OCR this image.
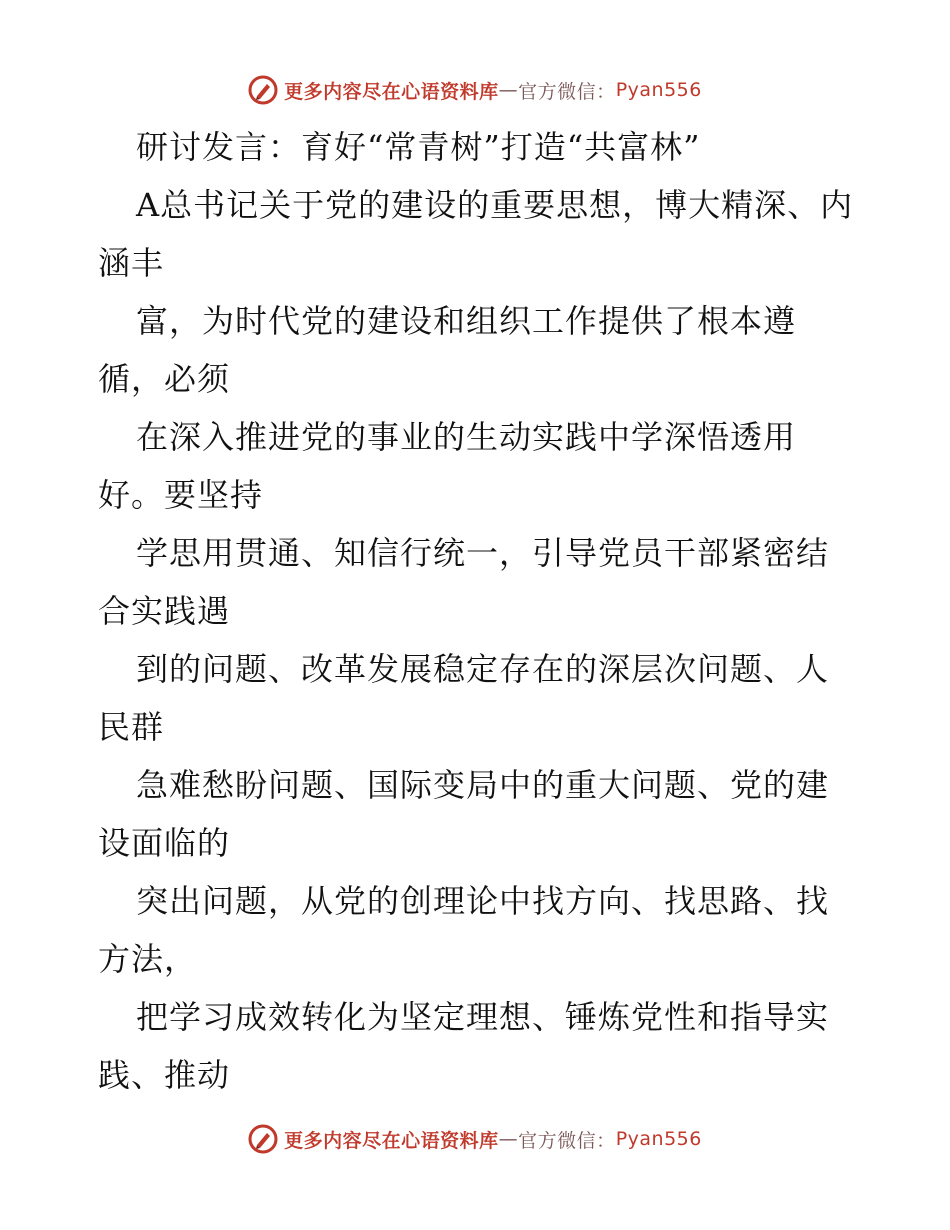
更多内容尽在心语资料库 — 官方微信： Pyan556

研讨发言：育好“常青树”打造“共富林”

A总书记关于党的建设的重要思想，博大精深、内涵丰

富，为时代党的建设和组织工作提供了根本遵循，必须

在深入推进党的事业的生动实践中学深悟透用好。要坚持

学思用贯通、知信行统一，引导党员干部紧密结合实践遇

到的问题、改革发展稳定存在的深层次问题、人民群

急难愁盼问题、国际变局中的重大问题、党的建设面临的

突出问题，从党的创理论中找方向、找思路、找方法，

把学习成效转化为坚定理想、锤炼党性和指导实践、推动

更多内容尽在心语资料库 — 官方微信： Pyan556
